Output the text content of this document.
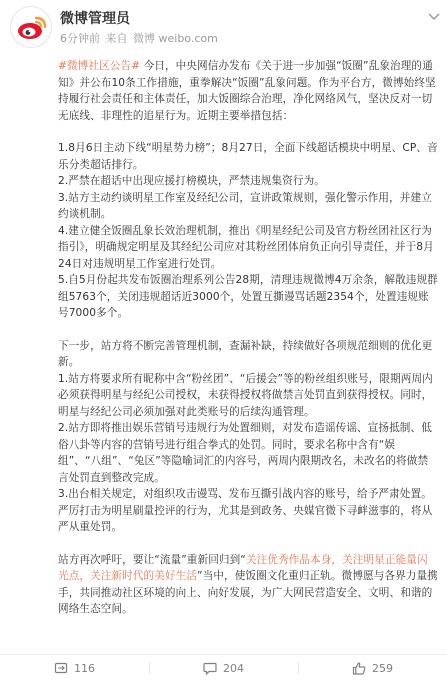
微博管理员
6分钟前 来自 微博 weibo.com

#微博社区公告# 今日，中央网信办发布《关于进一步加强“饭圈”乱象治理的通知》并公布10条工作措施，重拳解决“饭圈”乱象问题。作为平台方，微博始终坚持履行社会责任和主体责任，加大饭圈综合治理，净化网络风气，坚决反对一切无底线、非理性的追星行为。近期主要举措包括：

1.8月6日主动下线“明星势力榜”；8月27日，全面下线超话模块中明星、CP、音乐分类超话排行。

2.严禁在超话中出现应援打榜模块，严禁违规集资行为。

3.站方主动约谈明星工作室及经纪公司，宣讲政策规则，强化警示作用，并建立约谈机制。

4.建立健全饭圈乱象长效治理机制，推出《明星经纪公司及官方粉丝团社区行为指引》，明确规定明星及其经纪公司应对其粉丝团体肩负正向引导责任，并于8月24日对违规明星工作室进行处罚。

5.自5月份起共发布饭圈治理系列公告28期，清理违规微博4万余条，解散违规群组5763个，关闭违规超话近3000个，处置互撕谩骂话题2354个，处置违规账号7000多个。

下一步，站方将不断完善管理机制，查漏补缺，持续做好各项规范细则的优化更新。

1.站方将要求所有昵称中含“粉丝团”、“后援会”等的粉丝组织账号，限期两周内必须获得明星与经纪公司授权，未获得授权将做禁言处罚直到获得授权。同时，明星与经纪公司必须加强对此类账号的后续沟通管理。

2.站方即将推出娱乐营销号违规行为处置细则，对发布造谣传谣、宣扬抵制、低俗八卦等内容的营销号进行组合拳式的处罚。同时，要求名称中含有“娱组”、“八组”、“兔区”等隐喻词汇的内容号，两周内限期改名，未改名的将做禁言处罚直到整改完成。

3.出台相关规定，对组织攻击谩骂、发布互撕引战内容的账号，给予严肃处置。严厉打击为明星刷量控评的行为，尤其是到政务、央媒官微下寻衅滋事的，将从严从重处罚。

站方再次呼吁，要让“流量”重新回归到“关注优秀作品本身，关注明星正能量闪光点，关注新时代的美好生活”当中，使饭圈文化重归正轨。微博愿与各界力量携手，共同推动社区环境的向上、向好发展，为广大网民营造安全、文明、和谐的网络生态空间。

116	204	259
